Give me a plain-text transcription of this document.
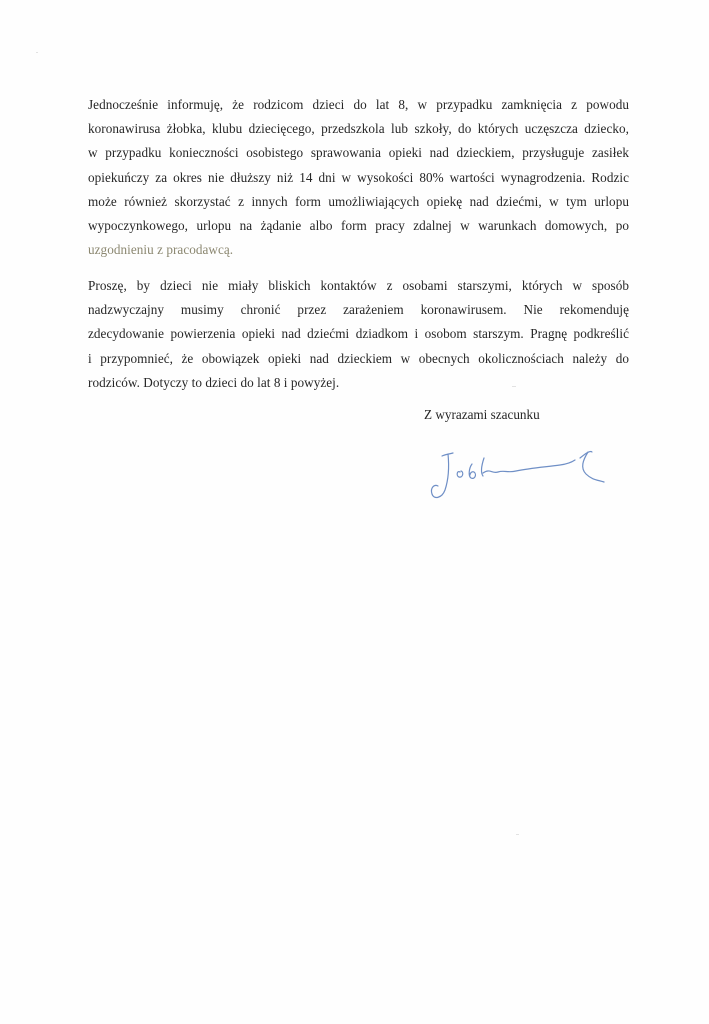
Jednocześnie informuję, że rodzicom dzieci do lat 8, w przypadku zamknięcia z powodu
koronawirusa żłobka, klubu dziecięcego, przedszkola lub szkoły, do których uczęszcza dziecko,
w przypadku konieczności osobistego sprawowania opieki nad dzieckiem, przysługuje zasiłek
opiekuńczy za okres nie dłuższy niż 14 dni w wysokości 80% wartości wynagrodzenia. Rodzic
może również skorzystać z innych form umożliwiających opiekę nad dziećmi, w tym urlopu
wypoczynkowego, urlopu na żądanie albo form pracy zdalnej w warunkach domowych, po
uzgodnieniu z pracodawcą.
Proszę, by dzieci nie miały bliskich kontaktów z osobami starszymi, których w sposób
nadzwyczajny musimy chronić przez zarażeniem koronawirusem. Nie rekomenduję
zdecydowanie powierzenia opieki nad dziećmi dziadkom i osobom starszym. Pragnę podkreślić
i przypomnieć, że obowiązek opieki nad dzieckiem w obecnych okolicznościach należy do
rodziców. Dotyczy to dzieci do lat 8 i powyżej.
Z wyrazami szacunku
